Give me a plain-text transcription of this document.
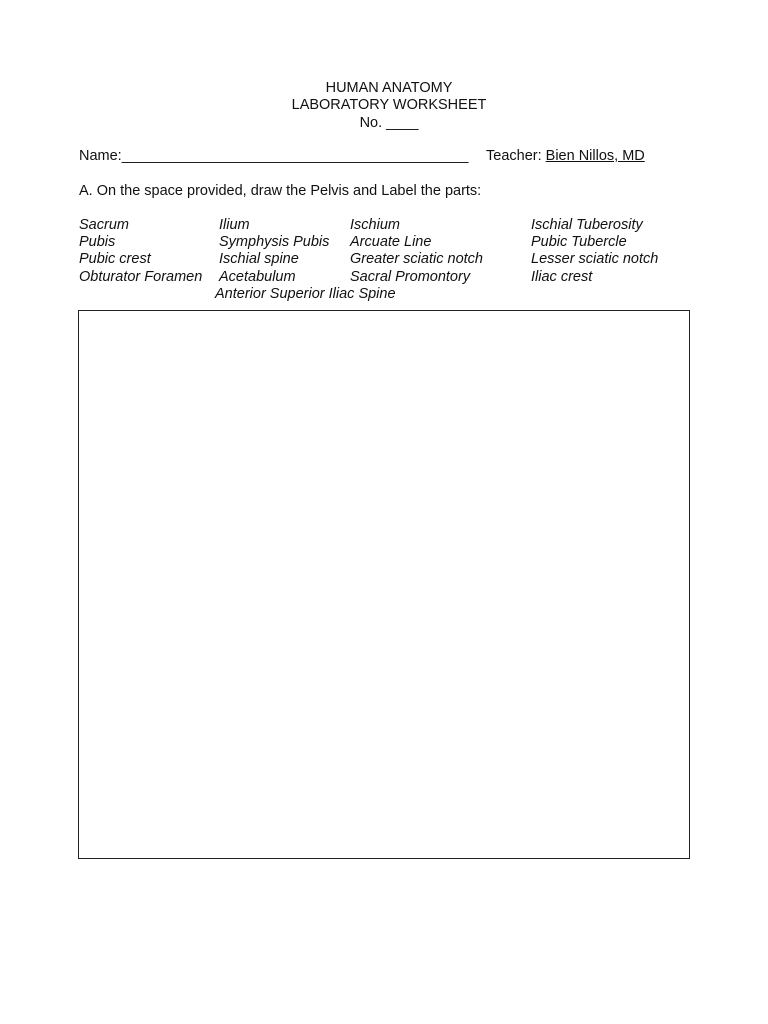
HUMAN ANATOMY
LABORATORY WORKSHEET
No. ____
Name:___________________________________________ Teacher: Bien Nillos, MD
A. On the space provided, draw the Pelvis and Label the parts:
Sacrum
Pubis
Pubic crest
Obturator Foramen
Ilium
Symphysis Pubis
Ischial spine
Acetabulum
Ischium
Arcuate Line
Greater sciatic notch
Sacral Promontory
Ischial Tuberosity
Pubic Tubercle
Lesser sciatic notch
Iliac crest
Anterior Superior Iliac Spine
